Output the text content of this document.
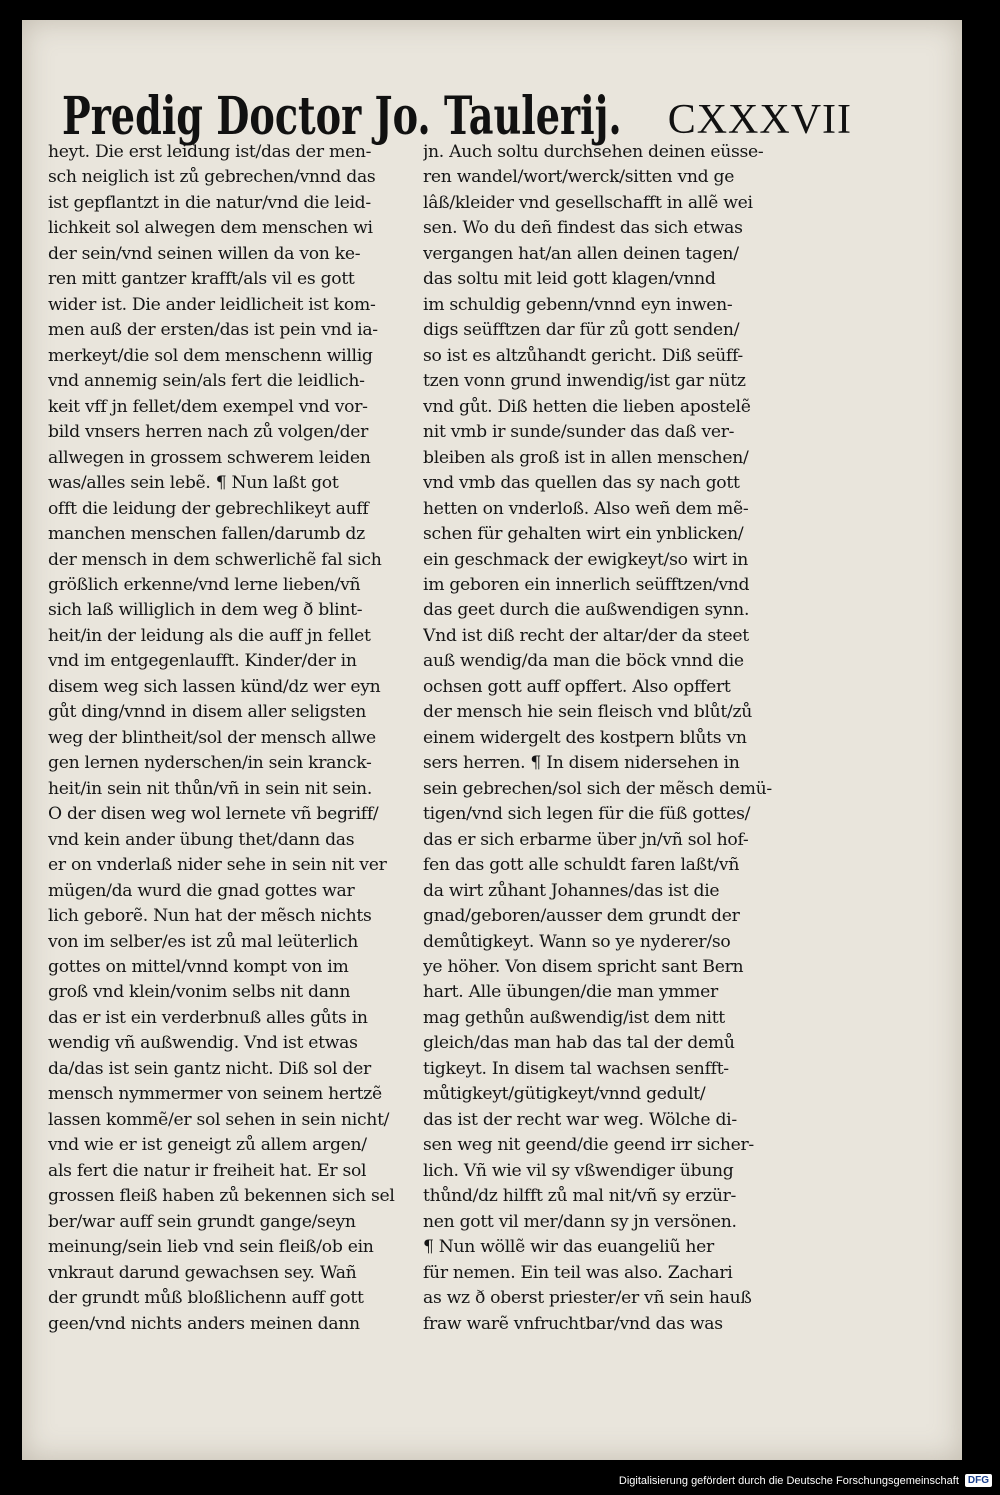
Predig Doctor Jo. Taulerij. CXXXVII
heyt. Die erst leidung ist/das der men-
sch neiglich ist zů gebrechen/vnnd das
ist gepflantzt in die natur/vnd die leid-
lichkeit sol alwegen dem menschen wi
der sein/vnd seinen willen da von ke-
ren mitt gantzer krafft/als vil es gott
wider ist. Die ander leidlicheit ist kom-
men auß der ersten/das ist pein vnd ia-
merkeyt/die sol dem menschenn willig
vnd annemig sein/als fert die leidlich-
keit vff jn fellet/dem exempel vnd vor-
bild vnsers herren nach zů volgen/der
allwegen in grossem schwerem leiden
was/alles sein lebẽ. ¶ Nun laßt got
offt die leidung der gebrechlikeyt auff
manchen menschen fallen/darumb dz
der mensch in dem schwerlichẽ fal sich
größlich erkenne/vnd lerne lieben/vñ
sich laß williglich in dem weg ð blint-
heit/in der leidung als die auff jn fellet
vnd im entgegenlaufft. Kinder/der in
disem weg sich lassen künd/dz wer eyn
gůt ding/vnnd in disem aller seligsten
weg der blintheit/sol der mensch allwe
gen lernen nyderschen/in sein kranck-
heit/in sein nit thůn/vñ in sein nit sein.
O der disen weg wol lernete vñ begriff/
vnd kein ander übung thet/dann das
er on vnderlaß nider sehe in sein nit ver
mügen/da wurd die gnad gottes war
lich geborẽ. Nun hat der mẽsch nichts
von im selber/es ist zů mal leüterlich
gottes on mittel/vnnd kompt von im
groß vnd klein/vonim selbs nit dann
das er ist ein verderbnuß alles gůts in
wendig vñ außwendig. Vnd ist etwas
da/das ist sein gantz nicht. Diß sol der
mensch nymmermer von seinem hertzẽ
lassen kommẽ/er sol sehen in sein nicht/
vnd wie er ist geneigt zů allem argen/
als fert die natur ir freiheit hat. Er sol
grossen fleiß haben zů bekennen sich sel
ber/war auff sein grundt gange/seyn
meinung/sein lieb vnd sein fleiß/ob ein
vnkraut darund gewachsen sey. Wañ
der grundt můß bloßlichenn auff gott
geen/vnd nichts anders meinen dann
jn. Auch soltu durchsehen deinen eüsse-
ren wandel/wort/werck/sitten vnd ge
lâß/kleider vnd gesellschafft in allẽ wei
sen. Wo du deñ findest das sich etwas
vergangen hat/an allen deinen tagen/
das soltu mit leid gott klagen/vnnd
im schuldig gebenn/vnnd eyn inwen-
digs seüfftzen dar für zů gott senden/
so ist es altzůhandt gericht. Diß seüff-
tzen vonn grund inwendig/ist gar nütz
vnd gůt. Diß hetten die lieben apostelẽ
nit vmb ir sunde/sunder das daß ver-
bleiben als groß ist in allen menschen/
vnd vmb das quellen das sy nach gott
hetten on vnderloß. Also weñ dem mẽ-
schen für gehalten wirt ein ynblicken/
ein geschmack der ewigkeyt/so wirt in
im geboren ein innerlich seüfftzen/vnd
das geet durch die außwendigen synn.
Vnd ist diß recht der altar/der da steet
auß wendig/da man die böck vnnd die
ochsen gott auff opffert. Also opffert
der mensch hie sein fleisch vnd blůt/zů
einem widergelt des kostpern blůts vn
sers herren. ¶ In disem nidersehen in
sein gebrechen/sol sich der mẽsch demü-
tigen/vnd sich legen für die füß gottes/
das er sich erbarme über jn/vñ sol hof-
fen das gott alle schuldt faren laßt/vñ
da wirt zůhant Johannes/das ist die
gnad/geboren/ausser dem grundt der
demůtigkeyt. Wann so ye nyderer/so
ye höher. Von disem spricht sant Bern
hart. Alle übungen/die man ymmer
mag gethůn außwendig/ist dem nitt
gleich/das man hab das tal der demů
tigkeyt. In disem tal wachsen senfft-
můtigkeyt/gütigkeyt/vnnd gedult/
das ist der recht war weg. Wölche di-
sen weg nit geend/die geend irr sicher-
lich. Vñ wie vil sy vßwendiger übung
thůnd/dz hilfft zů mal nit/vñ sy erzür-
nen gott vil mer/dann sy jn versönen.
¶ Nun wöllẽ wir das euangeliũ her
für nemen. Ein teil was also. Zachari
as wz ð oberst priester/er vñ sein hauß
fraw warẽ vnfruchtbar/vnd das was
Digitalisierung gefördert durch die Deutsche Forschungsgemeinschaft DFG
